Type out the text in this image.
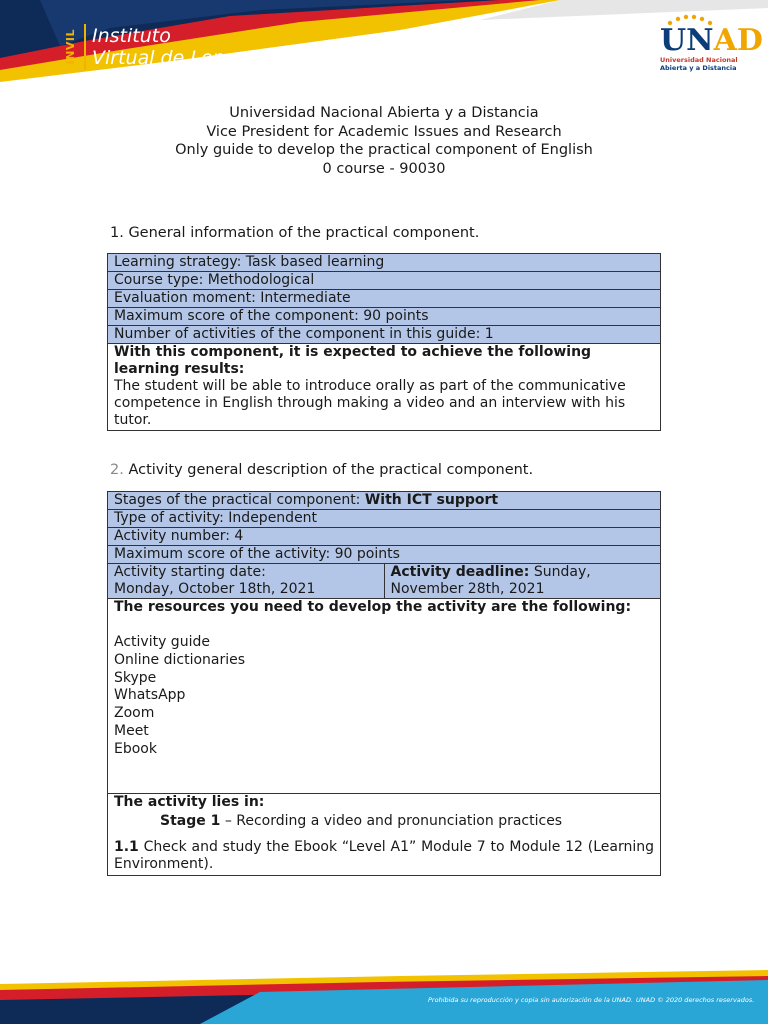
INVIL Instituto
Virtual de Lenguas	UNAD
Universidad Nacional
Abierta y a Distancia
Universidad Nacional Abierta y a Distancia
Vice President for Academic Issues and Research
Only guide to develop the practical component of English
0 course - 90030
1. General information of the practical component.
Learning strategy: Task based learning
Course type: Methodological
Evaluation moment: Intermediate
Maximum score of the component: 90 points
Number of activities of the component in this guide: 1

With this component, it is expected to achieve the following learning results:
The student will be able to introduce orally as part of the communicative competence in English through making a video and an interview with his tutor.
2. Activity general description of the practical component.
Stages of the practical component: With ICT support
Type of activity: Independent
Activity number: 4
Maximum score of the activity: 90 points

Activity starting date:
Monday, October 18th, 2021
	Activity deadline: Sunday, November 28th, 2021

The resources you need to develop the activity are the following:
Activity guide
Online dictionaries
Skype
WhatsApp
Zoom
Meet
Ebook

The activity lies in:
Stage 1 – Recording a video and pronunciation practices
1.1 Check and study the Ebook “Level A1” Module 7 to Module 12 (Learning Environment).
Prohibida su reproducción y copia sin autorización de la UNAD. UNAD © 2020 derechos reservados.
